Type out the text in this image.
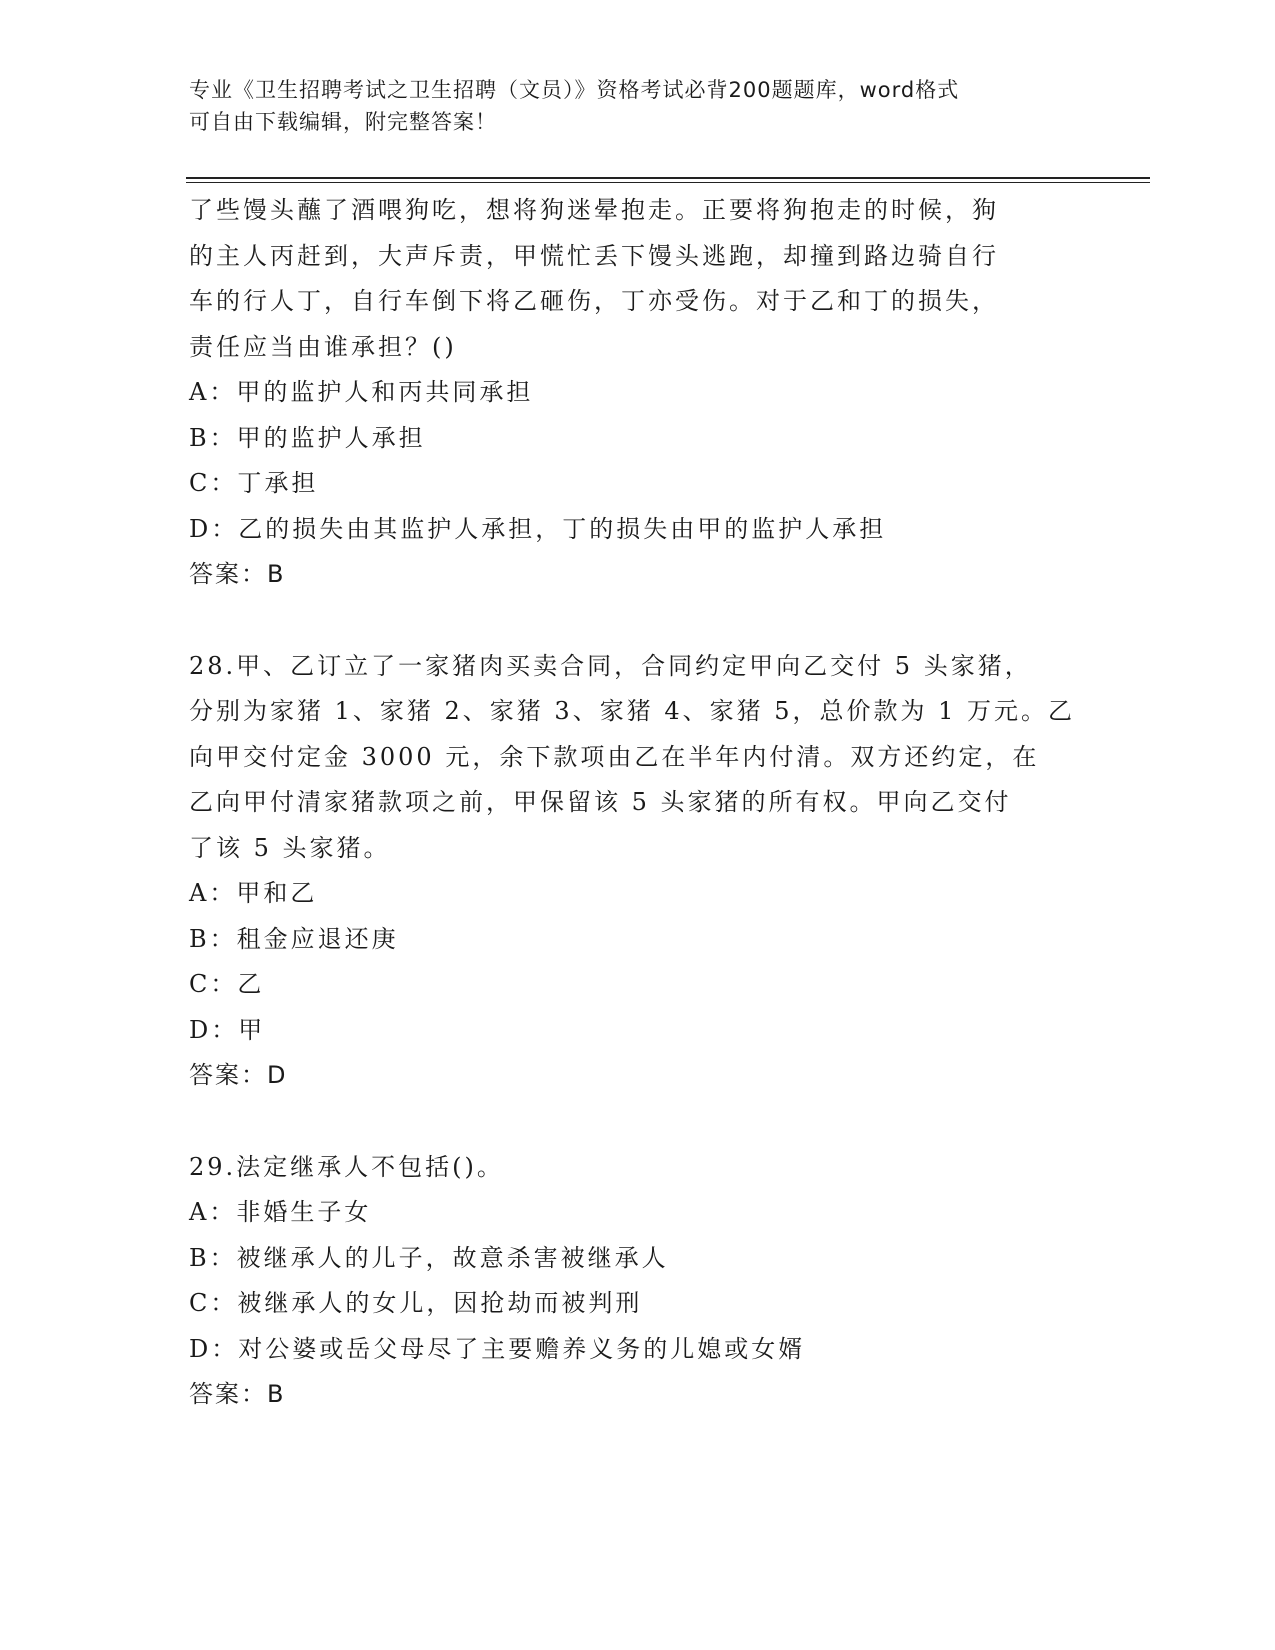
专业《卫生招聘考试之卫生招聘（文员）》资格考试必背200题题库，word格式
可自由下载编辑，附完整答案！
了些馒头蘸了酒喂狗吃，想将狗迷晕抱走。正要将狗抱走的时候，狗
的主人丙赶到，大声斥责，甲慌忙丢下馒头逃跑，却撞到路边骑自行
车的行人丁，自行车倒下将乙砸伤，丁亦受伤。对于乙和丁的损失，
责任应当由谁承担？()
A：甲的监护人和丙共同承担
B：甲的监护人承担
C：丁承担
D：乙的损失由其监护人承担，丁的损失由甲的监护人承担
答案：B
28.甲、乙订立了一家猪肉买卖合同，合同约定甲向乙交付 5 头家猪，
分别为家猪 1、家猪 2、家猪 3、家猪 4、家猪 5，总价款为 1 万元。乙
向甲交付定金 3000 元，余下款项由乙在半年内付清。双方还约定，在
乙向甲付清家猪款项之前，甲保留该 5 头家猪的所有权。甲向乙交付
了该 5 头家猪。
A：甲和乙
B：租金应退还庚
C：乙
D：甲
答案：D
29.法定继承人不包括()。
A：非婚生子女
B：被继承人的儿子，故意杀害被继承人
C：被继承人的女儿，因抢劫而被判刑
D：对公婆或岳父母尽了主要赡养义务的儿媳或女婿
答案：B
